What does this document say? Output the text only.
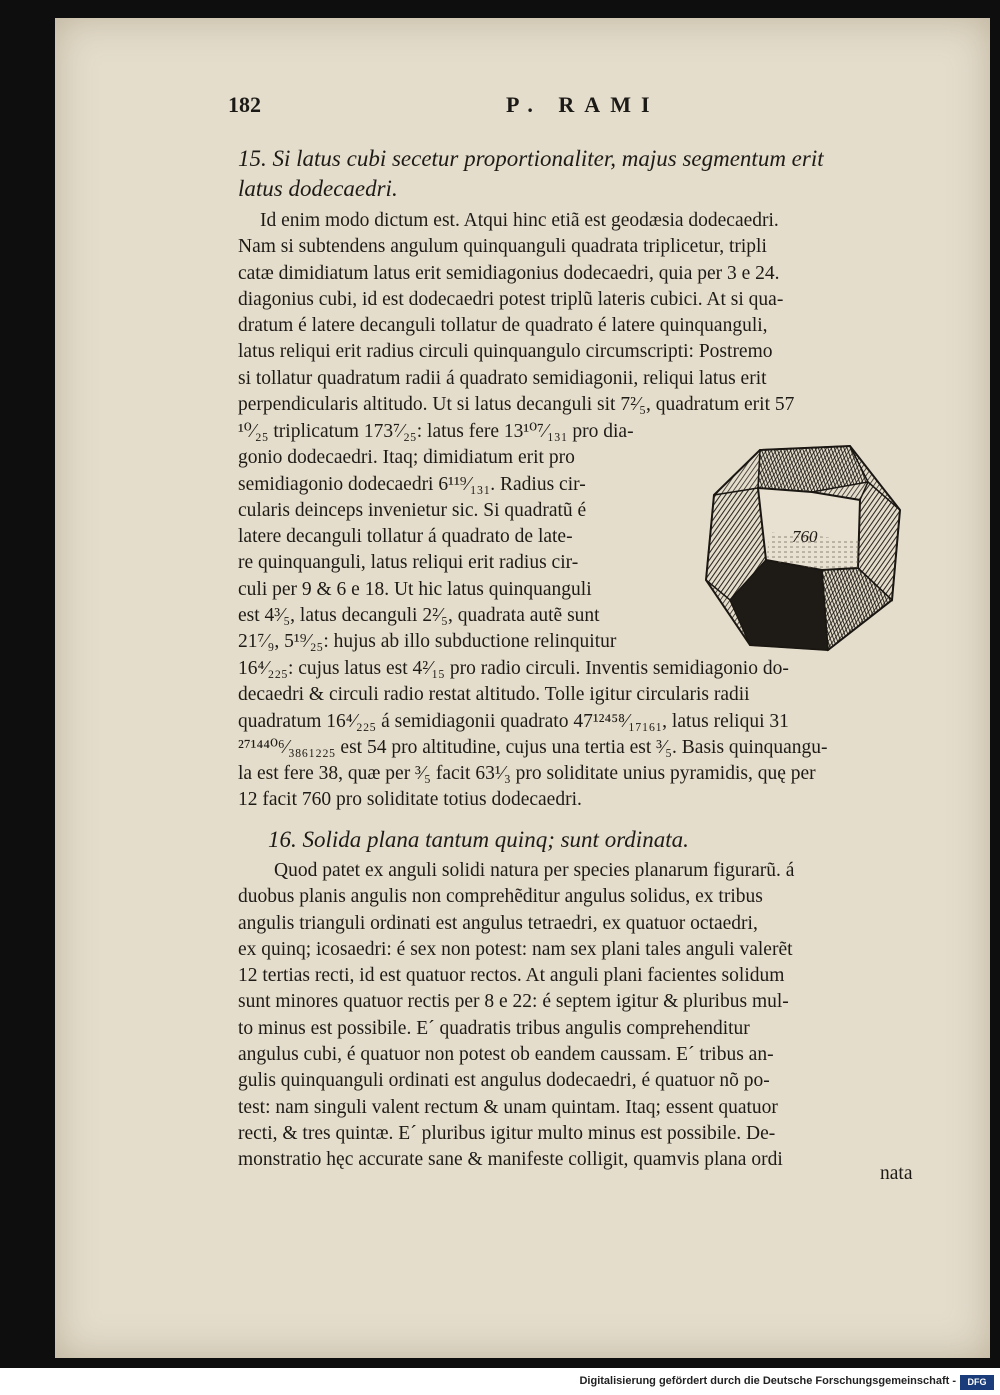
182	P. RAMI
15. Si latus cubi secetur proportionaliter, majus segmentum erit
latus dodecaedri.
Id enim modo dictum est. Atqui hinc etiã est geodæsia dodecaedri.
Nam si subtendens angulum quinquanguli quadrata triplicetur, tripli
catæ dimidiatum latus erit semidiagonius dodecaedri, quia per 3 e 24.
diagonius cubi, id est dodecaedri potest triplũ lateris cubici. At si qua-
dratum é latere decanguli tollatur de quadrato é latere quinquanguli,
latus reliqui erit radius circuli quinquangulo circumscripti: Postremo
si tollatur quadratum radii á quadrato semidiagonii, reliqui latus erit
perpendicularis altitudo. Ut si latus decanguli sit 7²⁄₅, quadratum erit 57
¹⁰⁄₂₅ triplicatum 173⁷⁄₂₅: latus fere 13¹⁰⁷⁄₁₃₁ pro dia-
gonio dodecaedri. Itaq; dimidiatum erit pro
semidiagonio dodecaedri 6¹¹⁹⁄₁₃₁. Radius cir-
cularis deinceps invenietur sic. Si quadratũ é
latere decanguli tollatur á quadrato de late-
re quinquanguli, latus reliqui erit radius cir-
culi per 9 & 6 e 18. Ut hic latus quinquanguli
est 4³⁄₅, latus decanguli 2²⁄₅, quadrata autẽ sunt
21⁷⁄₉, 5¹⁹⁄₂₅: hujus ab illo subductione relinquitur
760
16⁴⁄₂₂₅: cujus latus est 4²⁄₁₅ pro radio circuli. Inventis semidiagonio do-
decaedri & circuli radio restat altitudo. Tolle igitur circularis radii
quadratum 16⁴⁄₂₂₅ á semidiagonii quadrato 47¹²⁴⁵⁸⁄₁₇₁₆₁, latus reliqui 31
²⁷¹⁴⁴⁰⁶⁄₃₈₆₁₂₂₅ est 54 pro altitudine, cujus una tertia est ³⁄₅. Basis quinquangu-
la est fere 38, quæ per ³⁄₅ facit 63¹⁄₃ pro soliditate unius pyramidis, quę per
12 facit 760 pro soliditate totius dodecaedri.
16. Solida plana tantum quinq; sunt ordinata.
Quod patet ex anguli solidi natura per species planarum figurarũ. á
duobus planis angulis non comprehẽditur angulus solidus, ex tribus
angulis trianguli ordinati est angulus tetraedri, ex quatuor octaedri,
ex quinq; icosaedri: é sex non potest: nam sex plani tales anguli valerẽt
12 tertias recti, id est quatuor rectos. At anguli plani facientes solidum
sunt minores quatuor rectis per 8 e 22: é septem igitur & pluribus mul-
to minus est possibile. E´ quadratis tribus angulis comprehenditur
angulus cubi, é quatuor non potest ob eandem caussam. E´ tribus an-
gulis quinquanguli ordinati est angulus dodecaedri, é quatuor nõ po-
test: nam singuli valent rectum & unam quintam. Itaq; essent quatuor
recti, & tres quintæ. E´ pluribus igitur multo minus est possibile. De-
monstratio hęc accurate sane & manifeste colligit, quamvis plana ordi
nata
Digitalisierung gefördert durch die Deutsche Forschungsgemeinschaft -	DFG
